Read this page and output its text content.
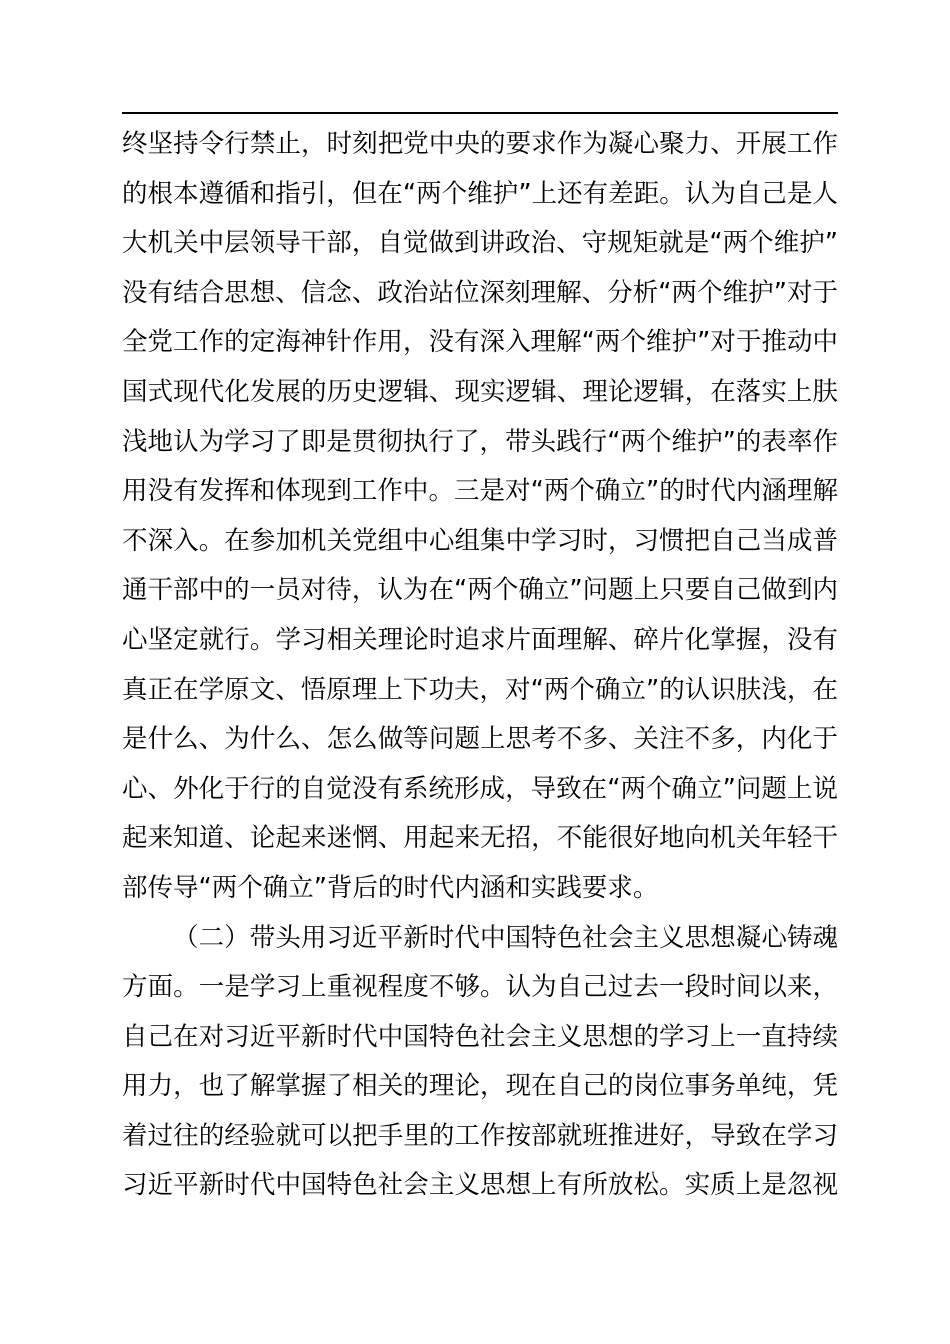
终坚持令行禁止，时刻把党中央的要求作为凝心聚力、开展工作
的根本遵循和指引，但在“两个维护”上还有差距。认为自己是人
大机关中层领导干部，自觉做到讲政治、守规矩就是“两个维护”
没有结合思想、信念、政治站位深刻理解、分析“两个维护”对于
全党工作的定海神针作用，没有深入理解“两个维护”对于推动中
国式现代化发展的历史逻辑、现实逻辑、理论逻辑，在落实上肤
浅地认为学习了即是贯彻执行了，带头践行“两个维护”的表率作
用没有发挥和体现到工作中。三是对“两个确立”的时代内涵理解
不深入。在参加机关党组中心组集中学习时，习惯把自己当成普
通干部中的一员对待，认为在“两个确立”问题上只要自己做到内
心坚定就行。学习相关理论时追求片面理解、碎片化掌握，没有
真正在学原文、悟原理上下功夫，对“两个确立”的认识肤浅，在
是什么、为什么、怎么做等问题上思考不多、关注不多，内化于
心、外化于行的自觉没有系统形成，导致在“两个确立”问题上说
起来知道、论起来迷惘、用起来无招，不能很好地向机关年轻干
部传导“两个确立”背后的时代内涵和实践要求。
（二）带头用习近平新时代中国特色社会主义思想凝心铸魂
方面。一是学习上重视程度不够。认为自己过去一段时间以来，
自己在对习近平新时代中国特色社会主义思想的学习上一直持续
用力，也了解掌握了相关的理论，现在自己的岗位事务单纯，凭
着过往的经验就可以把手里的工作按部就班推进好，导致在学习
习近平新时代中国特色社会主义思想上有所放松。实质上是忽视
